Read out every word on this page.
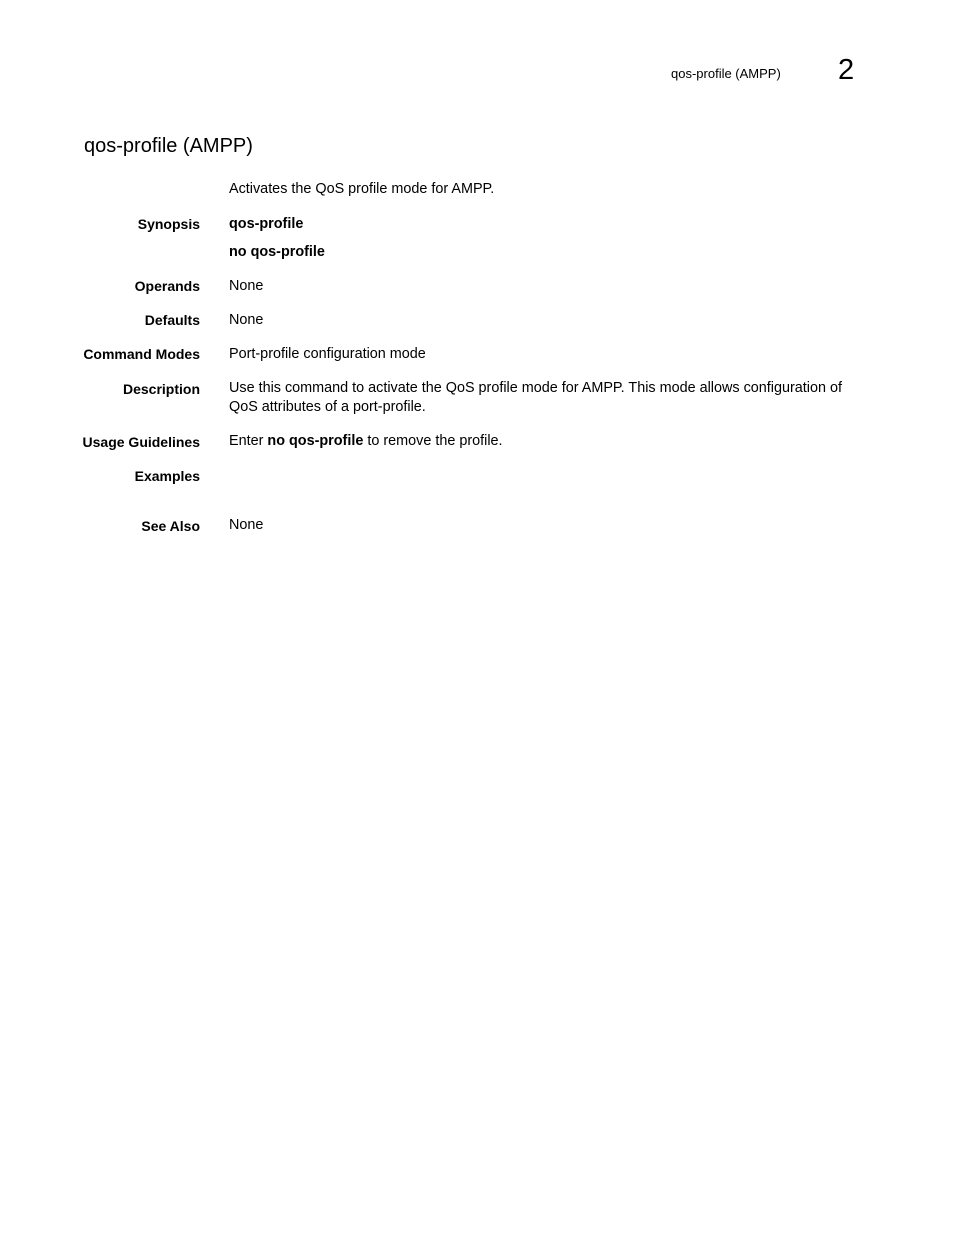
qos-profile (AMPP) 2
qos-profile (AMPP)
Activates the QoS profile mode for AMPP.
Synopsis qos-profile
no qos-profile
Operands None
Defaults None
Command Modes Port-profile configuration mode
Description Use this command to activate the QoS profile mode for AMPP. This mode allows configuration of QoS attributes of a port-profile.
Usage Guidelines Enter no qos-profile to remove the profile.
Examples
See Also None
